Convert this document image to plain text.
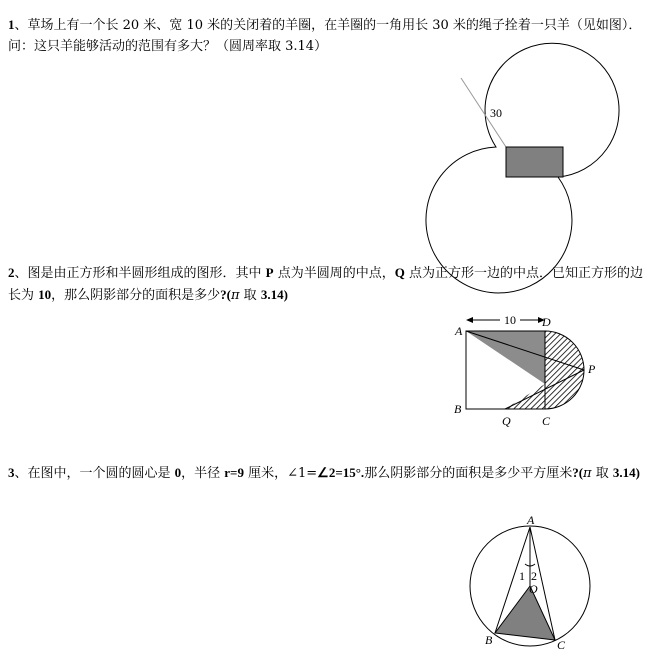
1、草场上有一个长 20 米、宽 10 米的关闭着的羊圈，在羊圈的一角用长 30 米的绳子拴着一只羊（见如图）．问：这只羊能够活动的范围有多大？（圆周率取 3.14）

30

2、图是由正方形和半圆形组成的图形．其中 P 点为半圆周的中点，Q 点为正方形一边的中点．已知正方形的边长为 10，那么阴影部分的面积是多少?(π 取 3.14)

10
A
D
B
Q	C
P

3、在图中，一个圆的圆心是 0，半径 r=9 厘米，∠1=∠2=15°.那么阴影部分的面积是多少平方厘米?(π 取 3.14)

A
1 2
O
B	C
